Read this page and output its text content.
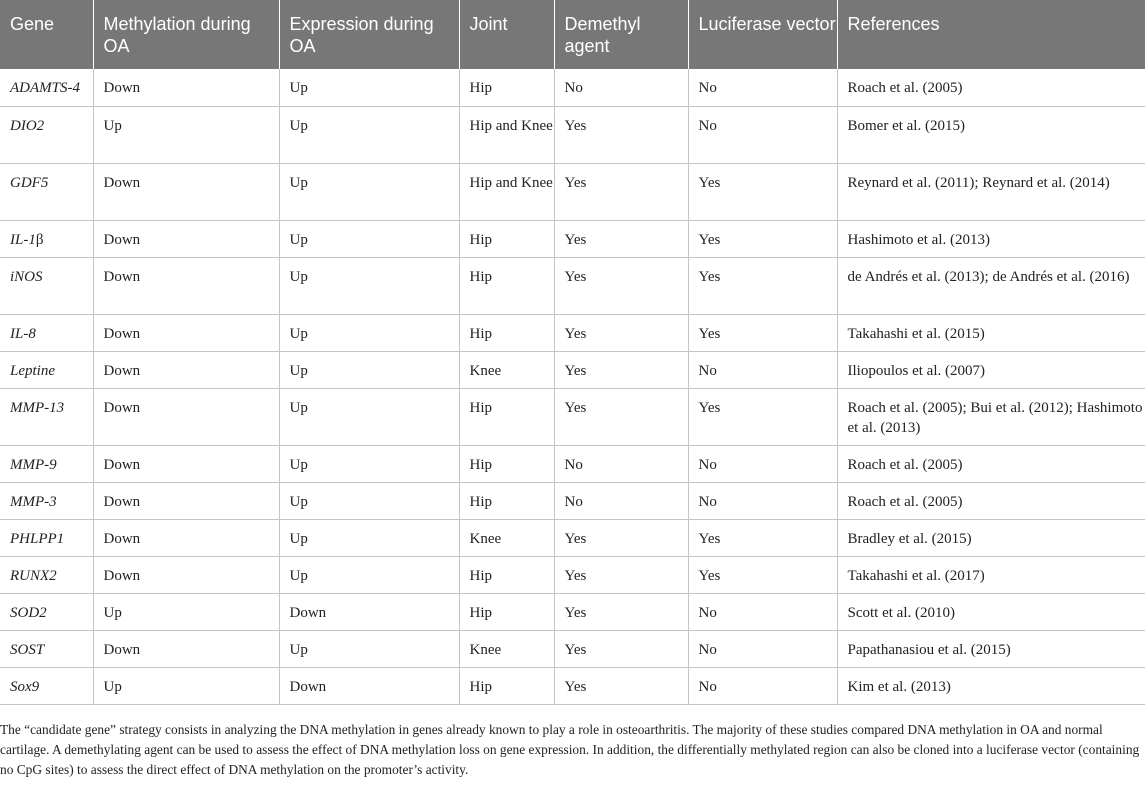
Gene	Methylation during OA	Expression during OA	Joint	Demethyl agent	Luciferase vector	References
ADAMTS-4	Down	Up	Hip	No	No	Roach et al. (2005)
DIO2	Up	Up	Hip and Knee	Yes	No	Bomer et al. (2015)
GDF5	Down	Up	Hip and Knee	Yes	Yes	Reynard et al. (2011); Reynard et al. (2014)
IL-1β	Down	Up	Hip	Yes	Yes	Hashimoto et al. (2013)
iNOS	Down	Up	Hip	Yes	Yes	de Andrés et al. (2013); de Andrés et al. (2016)
IL-8	Down	Up	Hip	Yes	Yes	Takahashi et al. (2015)
Leptine	Down	Up	Knee	Yes	No	Iliopoulos et al. (2007)
MMP-13	Down	Up	Hip	Yes	Yes	Roach et al. (2005); Bui et al. (2012); Hashimoto et al. (2013)
MMP-9	Down	Up	Hip	No	No	Roach et al. (2005)
MMP-3	Down	Up	Hip	No	No	Roach et al. (2005)
PHLPP1	Down	Up	Knee	Yes	Yes	Bradley et al. (2015)
RUNX2	Down	Up	Hip	Yes	Yes	Takahashi et al. (2017)
SOD2	Up	Down	Hip	Yes	No	Scott et al. (2010)
SOST	Down	Up	Knee	Yes	No	Papathanasiou et al. (2015)
Sox9	Up	Down	Hip	Yes	No	Kim et al. (2013)

The “candidate gene” strategy consists in analyzing the DNA methylation in genes already known to play a role in osteoarthritis. The majority of these studies compared DNA methylation in OA and normal cartilage. A demethylating agent can be used to assess the effect of DNA methylation loss on gene expression. In addition, the differentially methylated region can also be cloned into a luciferase vector (containing no CpG sites) to assess the direct effect of DNA methylation on the promoter’s activity.
